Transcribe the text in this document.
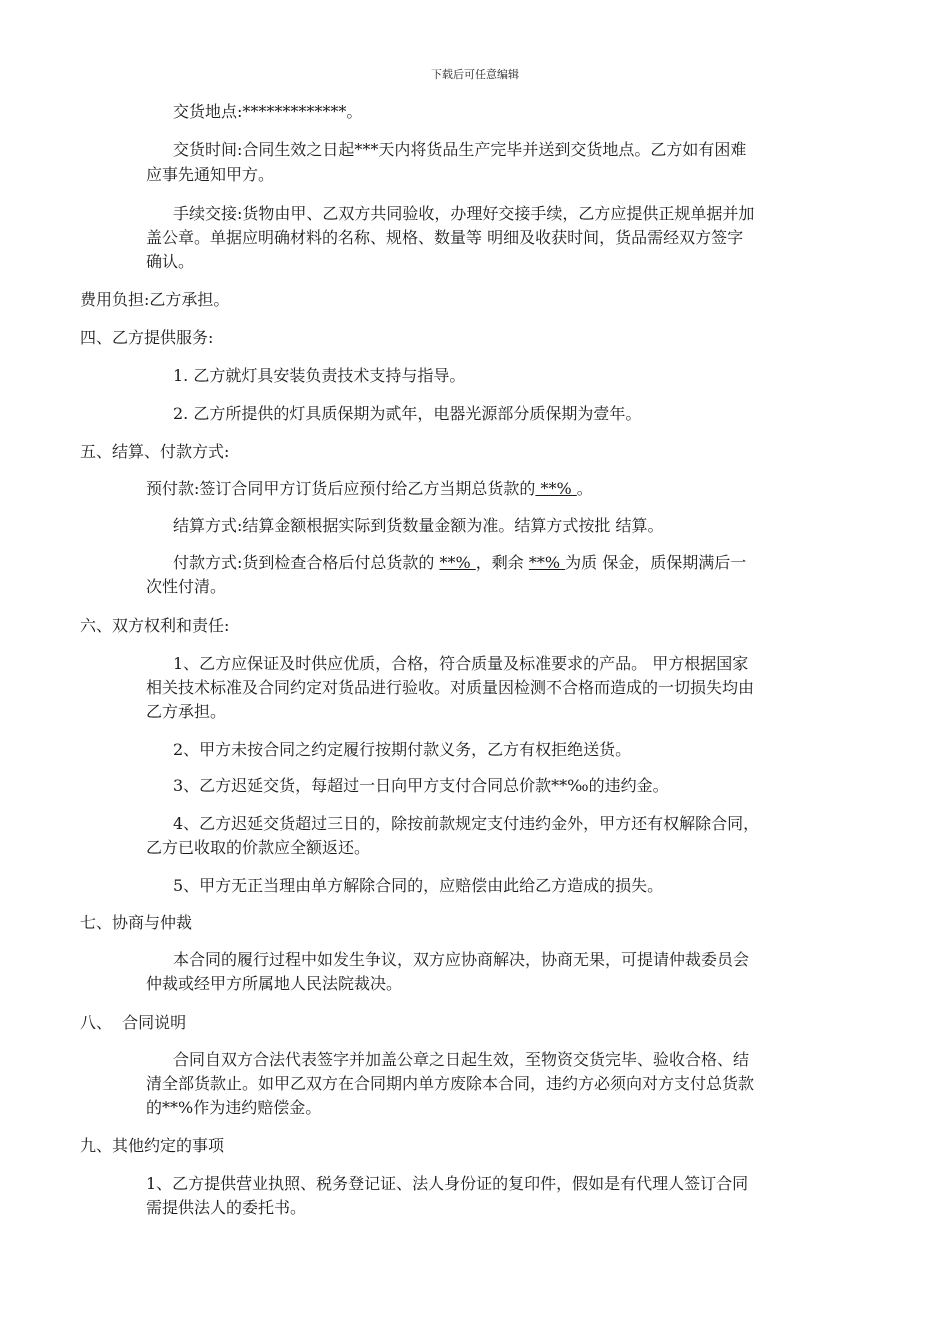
下载后可任意编辑
交货地点:*************。
交货时间:合同生效之日起***天内将货品生产完毕并送到交货地点。乙方如有困难
应事先通知甲方。
手续交接:货物由甲、乙双方共同验收，办理好交接手续，乙方应提供正规单据并加
盖公章。单据应明确材料的名称、规格、数量等 明细及收获时间，货品需经双方签字
确认。
费用负担:乙方承担。
四、乙方提供服务:
1. 乙方就灯具安装负责技术支持与指导。
2. 乙方所提供的灯具质保期为贰年，电器光源部分质保期为壹年。
五、结算、付款方式:
预付款:签订合同甲方订货后应预付给乙方当期总货款的 **% 。
结算方式:结算金额根据实际到货数量金额为准。结算方式按批 结算。
付款方式:货到检查合格后付总货款的 **% ，剩余 **% 为质 保金，质保期满后一
次性付清。
六、双方权利和责任:
1、乙方应保证及时供应优质，合格，符合质量及标准要求的产品。 甲方根据国家
相关技术标准及合同约定对货品进行验收。对质量因检测不合格而造成的一切损失均由
乙方承担。
2、甲方未按合同之约定履行按期付款义务，乙方有权拒绝送货。
3、乙方迟延交货，每超过一日向甲方支付合同总价款**‰的违约金。
4、乙方迟延交货超过三日的，除按前款规定支付违约金外，甲方还有权解除合同，
乙方已收取的价款应全额返还。
5、甲方无正当理由单方解除合同的，应赔偿由此给乙方造成的损失。
七、协商与仲裁
本合同的履行过程中如发生争议，双方应协商解决，协商无果，可提请仲裁委员会
仲裁或经甲方所属地人民法院裁决。
八、  合同说明
合同自双方合法代表签字并加盖公章之日起生效，至物资交货完毕、验收合格、结
清全部货款止。如甲乙双方在合同期内单方废除本合同，违约方必须向对方支付总货款
的**%作为违约赔偿金。
九、其他约定的事项
1、乙方提供营业执照、税务登记证、法人身份证的复印件，假如是有代理人签订合同
需提供法人的委托书。
